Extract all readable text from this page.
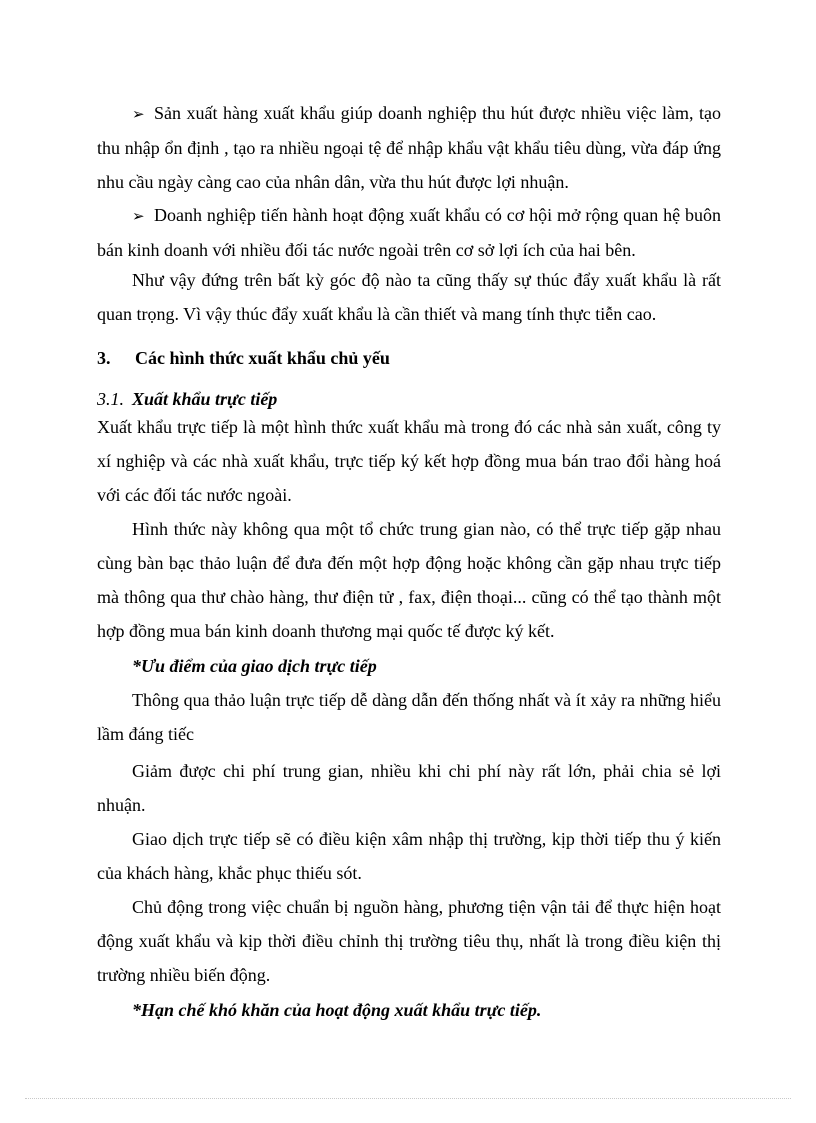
➢ Sản xuất hàng xuất khẩu giúp doanh nghiệp thu hút được nhiều việc làm, tạo thu nhập ổn định , tạo ra nhiều ngoại tệ để nhập khẩu vật khẩu tiêu dùng, vừa đáp ứng nhu cầu ngày càng cao của nhân dân, vừa thu hút được lợi nhuận.

➢ Doanh nghiệp tiến hành hoạt động xuất khẩu có cơ hội mở rộng quan hệ buôn bán kinh doanh với nhiều đối tác nước ngoài trên cơ sở lợi ích của hai bên.

Như vậy đứng trên bất kỳ góc độ nào ta cũng thấy sự thúc đẩy xuất khẩu là rất quan trọng. Vì vậy thúc đẩy xuất khẩu là cần thiết và mang tính thực tiễn cao.

3. Các hình thức xuất khẩu chủ yếu
3.1. Xuất khẩu trực tiếp

Xuất khẩu trực tiếp là một hình thức xuất khẩu mà trong đó các nhà sản xuất, công ty xí nghiệp và các nhà xuất khẩu, trực tiếp ký kết hợp đồng mua bán trao đổi hàng hoá với các đối tác nước ngoài.

Hình thức này không qua một tổ chức trung gian nào, có thể trực tiếp gặp nhau cùng bàn bạc thảo luận để đưa đến một hợp động hoặc không cần gặp nhau trực tiếp mà thông qua thư chào hàng, thư điện tử , fax, điện thoại... cũng có thể tạo thành một hợp đồng mua bán kinh doanh thương mại quốc tế được ký kết.

*Ưu điểm của giao dịch trực tiếp

Thông qua thảo luận trực tiếp dễ dàng dẫn đến thống nhất và ít xảy ra những hiểu lầm đáng tiếc

Giảm được chi phí trung gian, nhiều khi chi phí này rất lớn, phải chia sẻ lợi nhuận.

Giao dịch trực tiếp sẽ có điều kiện xâm nhập thị trường, kịp thời tiếp thu ý kiến của khách hàng, khắc phục thiếu sót.

Chủ động trong việc chuẩn bị nguồn hàng, phương tiện vận tải để thực hiện hoạt động xuất khẩu và kịp thời điều chỉnh thị trường tiêu thụ, nhất là trong điều kiện thị trường nhiều biến động.

*Hạn chế khó khăn của hoạt động xuất khẩu trực tiếp.
